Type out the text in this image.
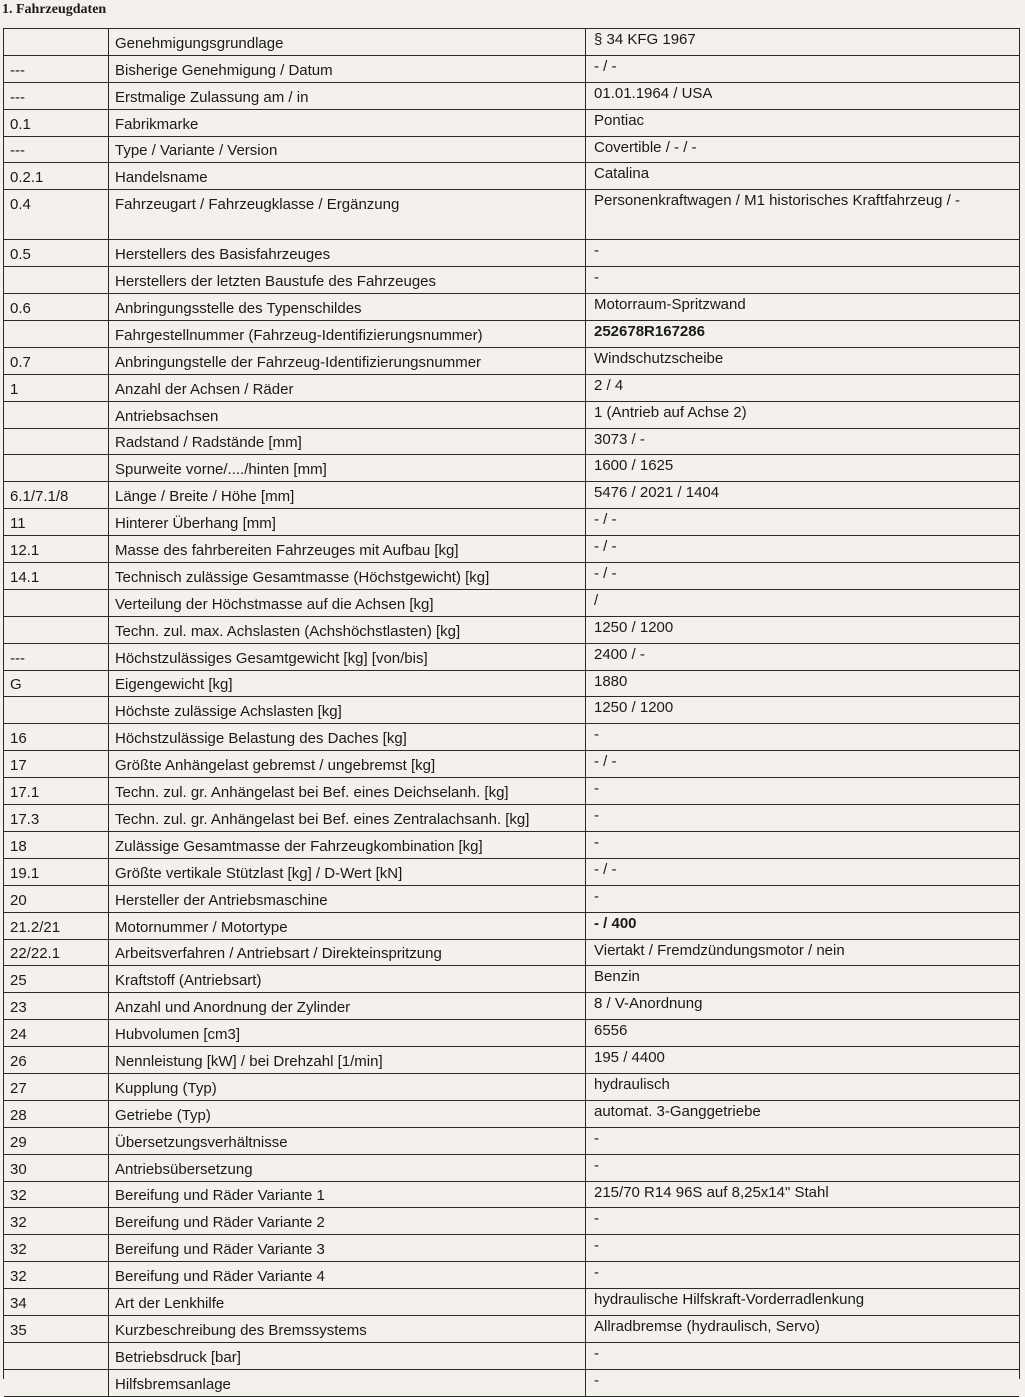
1. Fahrzeugdaten
	Genehmigungsgrundlage	§ 34 KFG 1967
---	Bisherige Genehmigung / Datum	- / -
---	Erstmalige Zulassung am / in	01.01.1964 / USA
0.1	Fabrikmarke	Pontiac
---	Type / Variante / Version	Covertible / - / -
0.2.1	Handelsname	Catalina
0.4	Fahrzeugart / Fahrzeugklasse / Ergänzung	Personenkraftwagen / M1 historisches Kraftfahrzeug / -
0.5	Herstellers des Basisfahrzeuges	-
	Herstellers der letzten Baustufe des Fahrzeuges	-
0.6	Anbringungsstelle des Typenschildes	Motorraum-Spritzwand
	Fahrgestellnummer (Fahrzeug-Identifizierungsnummer)	252678R167286
0.7	Anbringungstelle der Fahrzeug-Identifizierungsnummer	Windschutzscheibe
1	Anzahl der Achsen / Räder	2 / 4
	Antriebsachsen	1 (Antrieb auf Achse 2)
	Radstand / Radstände [mm]	3073 / -
	Spurweite vorne/..../hinten [mm]	1600 / 1625
6.1/7.1/8	Länge / Breite / Höhe [mm]	5476 / 2021 / 1404
11	Hinterer Überhang [mm]	- / -
12.1	Masse des fahrbereiten Fahrzeuges mit Aufbau [kg]	- / -
14.1	Technisch zulässige Gesamtmasse (Höchstgewicht) [kg]	- / -
	Verteilung der Höchstmasse auf die Achsen [kg]	/
	Techn. zul. max. Achslasten (Achshöchstlasten) [kg]	1250 / 1200
---	Höchstzulässiges Gesamtgewicht [kg] [von/bis]	2400 / -
G	Eigengewicht [kg]	1880
	Höchste zulässige Achslasten [kg]	1250 / 1200
16	Höchstzulässige Belastung des Daches [kg]	-
17	Größte Anhängelast gebremst / ungebremst [kg]	- / -
17.1	Techn. zul. gr. Anhängelast bei Bef. eines Deichselanh. [kg]	-
17.3	Techn. zul. gr. Anhängelast bei Bef. eines Zentralachsanh. [kg]	-
18	Zulässige Gesamtmasse der Fahrzeugkombination [kg]	-
19.1	Größte vertikale Stützlast [kg] / D-Wert [kN]	- / -
20	Hersteller der Antriebsmaschine	-
21.2/21	Motornummer / Motortype	- / 400
22/22.1	Arbeitsverfahren / Antriebsart / Direkteinspritzung	Viertakt / Fremdzündungsmotor / nein
25	Kraftstoff (Antriebsart)	Benzin
23	Anzahl und Anordnung der Zylinder	8 / V-Anordnung
24	Hubvolumen [cm3]	6556
26	Nennleistung [kW] / bei Drehzahl [1/min]	195 / 4400
27	Kupplung (Typ)	hydraulisch
28	Getriebe (Typ)	automat. 3-Ganggetriebe
29	Übersetzungsverhältnisse	-
30	Antriebsübersetzung	-
32	Bereifung und Räder Variante 1	215/70 R14 96S auf 8,25x14" Stahl
32	Bereifung und Räder Variante 2	-
32	Bereifung und Räder Variante 3	-
32	Bereifung und Räder Variante 4	-
34	Art der Lenkhilfe	hydraulische Hilfskraft-Vorderradlenkung
35	Kurzbeschreibung des Bremssystems	Allradbremse (hydraulisch, Servo)
	Betriebsdruck [bar]	-
	Hilfsbremsanlage	-
